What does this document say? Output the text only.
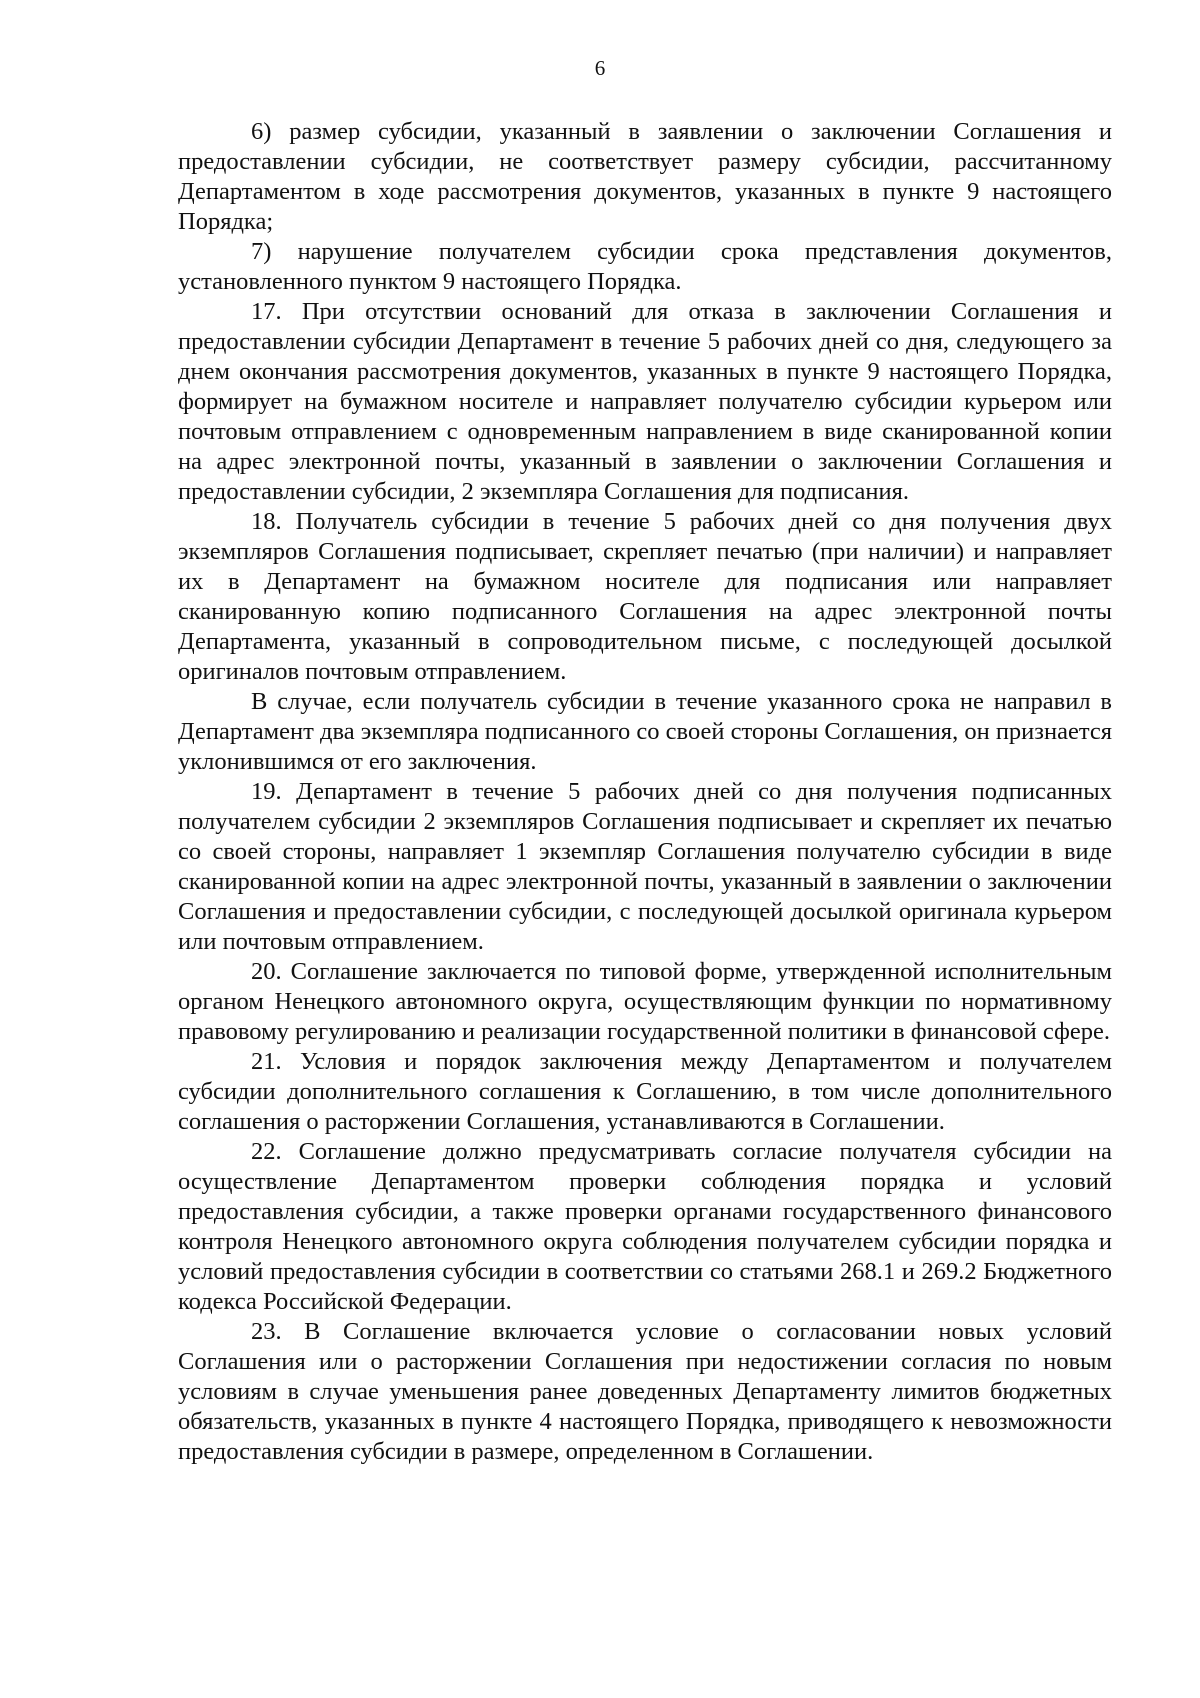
6

6) размер субсидии, указанный в заявлении о заключении Соглашения и предоставлении субсидии, не соответствует размеру субсидии, рассчитанному Департаментом в ходе рассмотрения документов, указанных в пункте 9 настоящего Порядка;

7) нарушение получателем субсидии срока представления документов, установленного пунктом 9 настоящего Порядка.

17. При отсутствии оснований для отказа в заключении Соглашения и предоставлении субсидии Департамент в течение 5 рабочих дней со дня, следующего за днем окончания рассмотрения документов, указанных в пункте 9 настоящего Порядка, формирует на бумажном носителе и направляет получателю субсидии курьером или почтовым отправлением с одновременным направлением в виде сканированной копии на адрес электронной почты, указанный в заявлении о заключении Соглашения и предоставлении субсидии, 2 экземпляра Соглашения для подписания.

18. Получатель субсидии в течение 5 рабочих дней со дня получения двух экземпляров Соглашения подписывает, скрепляет печатью (при наличии) и направляет их в Департамент на бумажном носителе для подписания или направляет сканированную копию подписанного Соглашения на адрес электронной почты Департамента, указанный в сопроводительном письме, с последующей досылкой оригиналов почтовым отправлением.

В случае, если получатель субсидии в течение указанного срока не направил в Департамент два экземпляра подписанного со своей стороны Соглашения, он признается уклонившимся от его заключения.

19. Департамент в течение 5 рабочих дней со дня получения подписанных получателем субсидии 2 экземпляров Соглашения подписывает и скрепляет их печатью со своей стороны, направляет 1 экземпляр Соглашения получателю субсидии в виде сканированной копии на адрес электронной почты, указанный в заявлении о заключении Соглашения и предоставлении субсидии, с последующей досылкой оригинала курьером или почтовым отправлением.

20. Соглашение заключается по типовой форме, утвержденной исполнительным органом Ненецкого автономного округа, осуществляющим функции по нормативному правовому регулированию и реализации государственной политики в финансовой сфере.

21. Условия и порядок заключения между Департаментом и получателем субсидии дополнительного соглашения к Соглашению, в том числе дополнительного соглашения о расторжении Соглашения, устанавливаются в Соглашении.

22. Соглашение должно предусматривать согласие получателя субсидии на осуществление Департаментом проверки соблюдения порядка и условий предоставления субсидии, а также проверки органами государственного финансового контроля Ненецкого автономного округа соблюдения получателем субсидии порядка и условий предоставления субсидии в соответствии со статьями 268.1 и 269.2 Бюджетного кодекса Российской Федерации.

23. В Соглашение включается условие о согласовании новых условий Соглашения или о расторжении Соглашения при недостижении согласия по новым условиям в случае уменьшения ранее доведенных Департаменту лимитов бюджетных обязательств, указанных в пункте 4 настоящего Порядка, приводящего к невозможности предоставления субсидии в размере, определенном в Соглашении.
